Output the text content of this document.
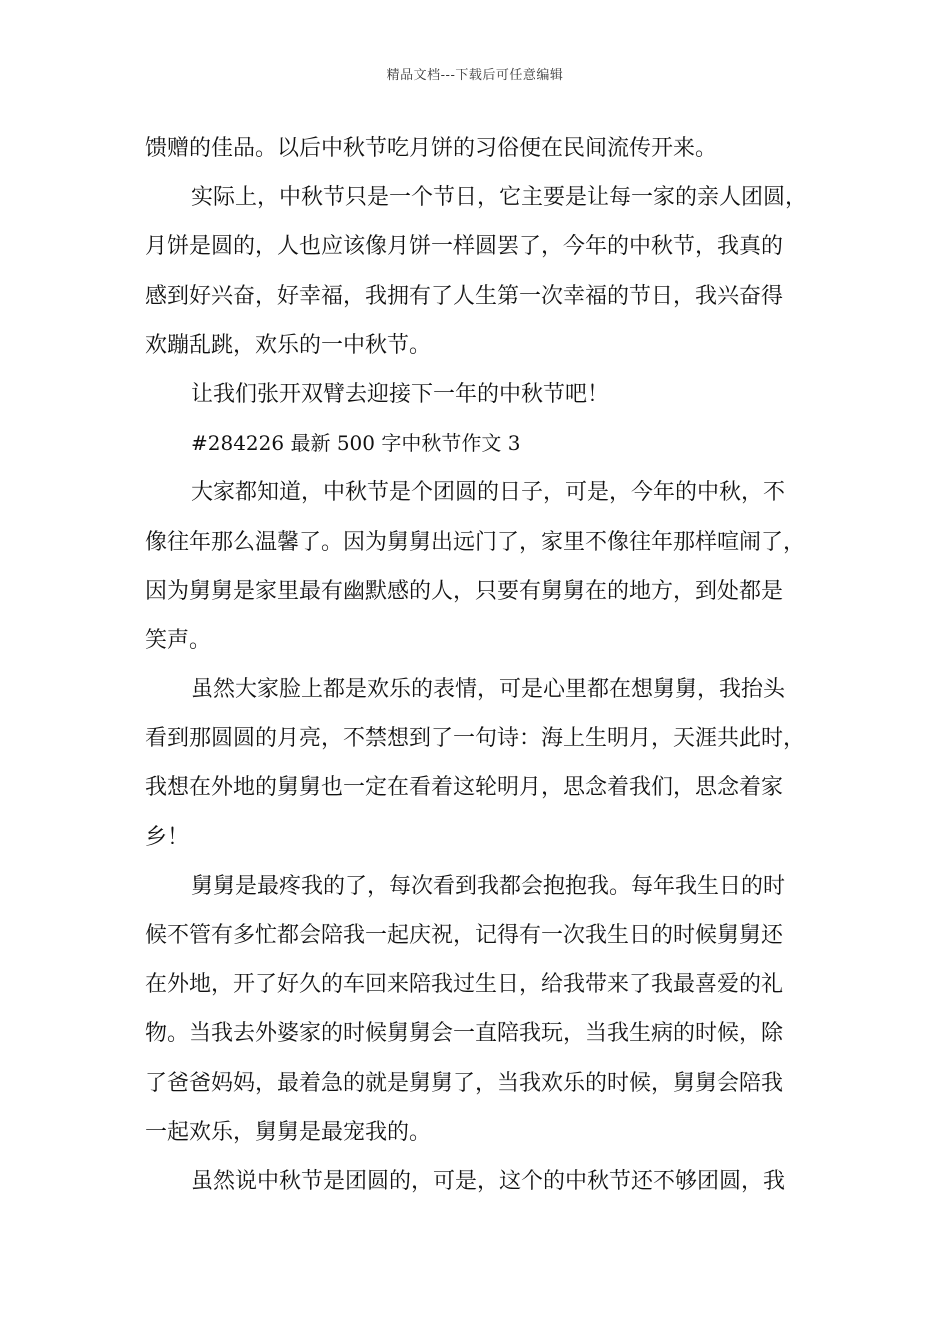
精品文档---下载后可任意编辑
馈赠的佳品。以后中秋节吃月饼的习俗便在民间流传开来。
实际上，中秋节只是一个节日，它主要是让每一家的亲人团圆，
月饼是圆的，人也应该像月饼一样圆罢了，今年的中秋节，我真的
感到好兴奋，好幸福，我拥有了人生第一次幸福的节日，我兴奋得
欢蹦乱跳，欢乐的一中秋节。
让我们张开双臂去迎接下一年的中秋节吧！
#284226 最新 500 字中秋节作文 3
大家都知道，中秋节是个团圆的日子，可是，今年的中秋，不
像往年那么温馨了。因为舅舅出远门了，家里不像往年那样喧闹了，
因为舅舅是家里最有幽默感的人，只要有舅舅在的地方，到处都是
笑声。
虽然大家脸上都是欢乐的表情，可是心里都在想舅舅，我抬头
看到那圆圆的月亮，不禁想到了一句诗：海上生明月，天涯共此时，
我想在外地的舅舅也一定在看着这轮明月，思念着我们，思念着家
乡！
舅舅是最疼我的了，每次看到我都会抱抱我。每年我生日的时
候不管有多忙都会陪我一起庆祝，记得有一次我生日的时候舅舅还
在外地，开了好久的车回来陪我过生日，给我带来了我最喜爱的礼
物。当我去外婆家的时候舅舅会一直陪我玩，当我生病的时候，除
了爸爸妈妈，最着急的就是舅舅了，当我欢乐的时候，舅舅会陪我
一起欢乐，舅舅是最宠我的。
虽然说中秋节是团圆的，可是，这个的中秋节还不够团圆，我
